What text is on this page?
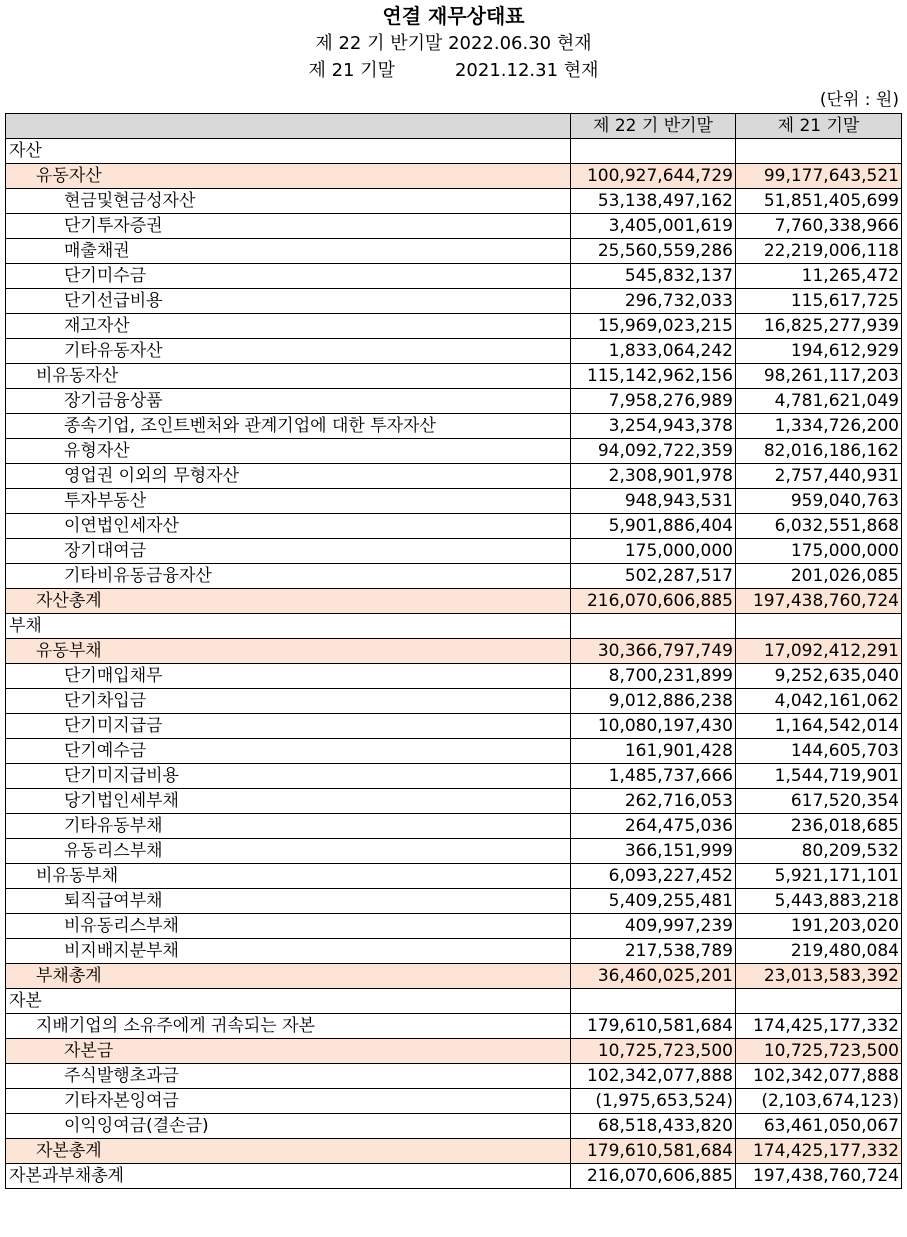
연결 재무상태표
제 22 기 반기말 2022.06.30 현재
제 21 기말	2021.12.31 현재
(단위 : 원)
	제 22 기 반기말	제 21 기말
자산		
유동자산	100,927,644,729	99,177,643,521
현금및현금성자산	53,138,497,162	51,851,405,699
단기투자증권	3,405,001,619	7,760,338,966
매출채권	25,560,559,286	22,219,006,118
단기미수금	545,832,137	11,265,472
단기선급비용	296,732,033	115,617,725
재고자산	15,969,023,215	16,825,277,939
기타유동자산	1,833,064,242	194,612,929
비유동자산	115,142,962,156	98,261,117,203
장기금융상품	7,958,276,989	4,781,621,049
종속기업, 조인트벤처와 관계기업에 대한 투자자산	3,254,943,378	1,334,726,200
유형자산	94,092,722,359	82,016,186,162
영업권 이외의 무형자산	2,308,901,978	2,757,440,931
투자부동산	948,943,531	959,040,763
이연법인세자산	5,901,886,404	6,032,551,868
장기대여금	175,000,000	175,000,000
기타비유동금융자산	502,287,517	201,026,085
자산총계	216,070,606,885	197,438,760,724
부채		
유동부채	30,366,797,749	17,092,412,291
단기매입채무	8,700,231,899	9,252,635,040
단기차입금	9,012,886,238	4,042,161,062
단기미지급금	10,080,197,430	1,164,542,014
단기예수금	161,901,428	144,605,703
단기미지급비용	1,485,737,666	1,544,719,901
당기법인세부채	262,716,053	617,520,354
기타유동부채	264,475,036	236,018,685
유동리스부채	366,151,999	80,209,532
비유동부채	6,093,227,452	5,921,171,101
퇴직급여부채	5,409,255,481	5,443,883,218
비유동리스부채	409,997,239	191,203,020
비지배지분부채	217,538,789	219,480,084
부채총계	36,460,025,201	23,013,583,392
자본		
지배기업의 소유주에게 귀속되는 자본	179,610,581,684	174,425,177,332
자본금	10,725,723,500	10,725,723,500
주식발행초과금	102,342,077,888	102,342,077,888
기타자본잉여금	(1,975,653,524)	(2,103,674,123)
이익잉여금(결손금)	68,518,433,820	63,461,050,067
자본총계	179,610,581,684	174,425,177,332
자본과부채총계	216,070,606,885	197,438,760,724
